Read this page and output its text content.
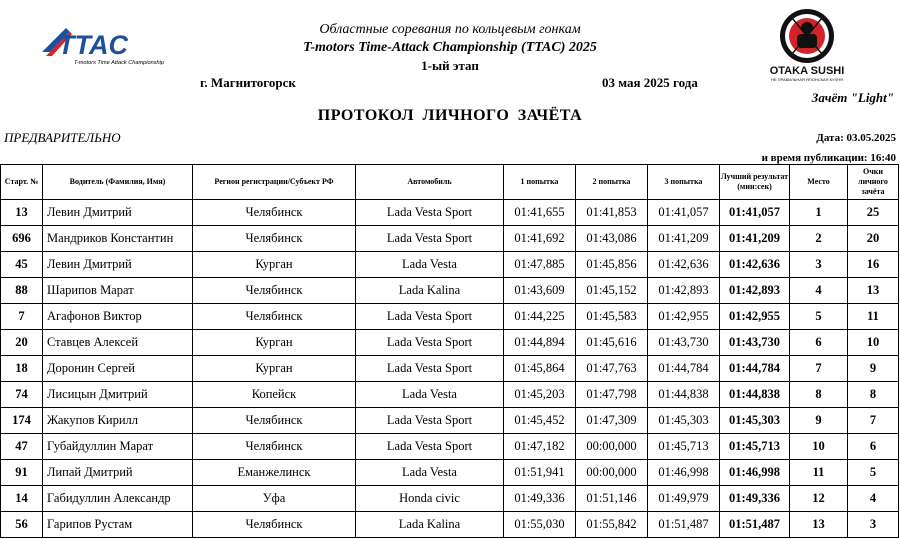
TTAC
T-motors Time Attack Championship
OTAKA SUSHI
НЕ ПРАВИЛЬНАЯ ЯПОНСКАЯ КУХНЯ
Областные соревания по кольцевым гонкам
T-motors Time-Attack Championship (TTAC) 2025
1-ый этап
г. Магнитогорск	03 мая 2025 года
Зачёт "Light"
ПРОТОКОЛ ЛИЧНОГО ЗАЧЁТА
ПРЕДВАРИТЕЛЬНО	Дата: 03.05.2025
и время публикации: 16:40
Старт. №	Водитель (Фамилия, Имя)	Регион регистрации/Субъект РФ	Автомобиль	1 попытка	2 попытка	3 попытка	Лучший результат (мин:сек)	Место	Очки личного зачёта
13	Левин Дмитрий	Челябинск	Lada Vesta Sport	01:41,655	01:41,853	01:41,057	01:41,057	1	25
696	Мандриков Константин	Челябинск	Lada Vesta Sport	01:41,692	01:43,086	01:41,209	01:41,209	2	20
45	Левин Дмитрий	Курган	Lada Vesta	01:47,885	01:45,856	01:42,636	01:42,636	3	16
88	Шарипов Марат	Челябинск	Lada Kalina	01:43,609	01:45,152	01:42,893	01:42,893	4	13
7	Агафонов Виктор	Челябинск	Lada Vesta Sport	01:44,225	01:45,583	01:42,955	01:42,955	5	11
20	Ставцев Алексей	Курган	Lada Vesta Sport	01:44,894	01:45,616	01:43,730	01:43,730	6	10
18	Доронин Сергей	Курган	Lada Vesta Sport	01:45,864	01:47,763	01:44,784	01:44,784	7	9
74	Лисицын Дмитрий	Копейск	Lada Vesta	01:45,203	01:47,798	01:44,838	01:44,838	8	8
174	Жакупов Кирилл	Челябинск	Lada Vesta Sport	01:45,452	01:47,309	01:45,303	01:45,303	9	7
47	Губайдуллин Марат	Челябинск	Lada Vesta Sport	01:47,182	00:00,000	01:45,713	01:45,713	10	6
91	Липай Дмитрий	Еманжелинск	Lada Vesta	01:51,941	00:00,000	01:46,998	01:46,998	11	5
14	Габидуллин Александр	Уфа	Honda civic	01:49,336	01:51,146	01:49,979	01:49,336	12	4
56	Гарипов Рустам	Челябинск	Lada Kalina	01:55,030	01:55,842	01:51,487	01:51,487	13	3
